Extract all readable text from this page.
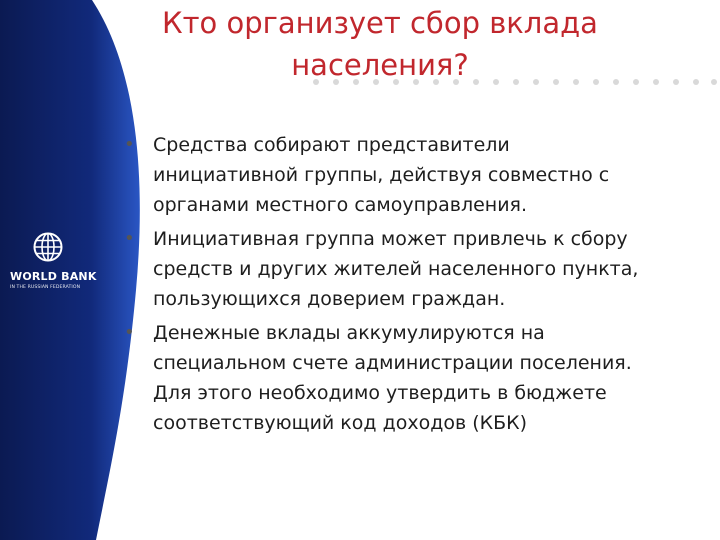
WORLD BANK
IN THE RUSSIAN FEDERATION
Кто организует сбор вклада
населения?
• Средства собирают представители
инициативной группы, действуя совместно с
органами местного самоуправления.
• Инициативная группа может привлечь к сбору
средств и других жителей населенного пункта,
пользующихся доверием граждан.
• Денежные вклады аккумулируются на
специальном счете администрации поселения.
Для этого необходимо утвердить в бюджете
соответствующий код доходов (КБК)
